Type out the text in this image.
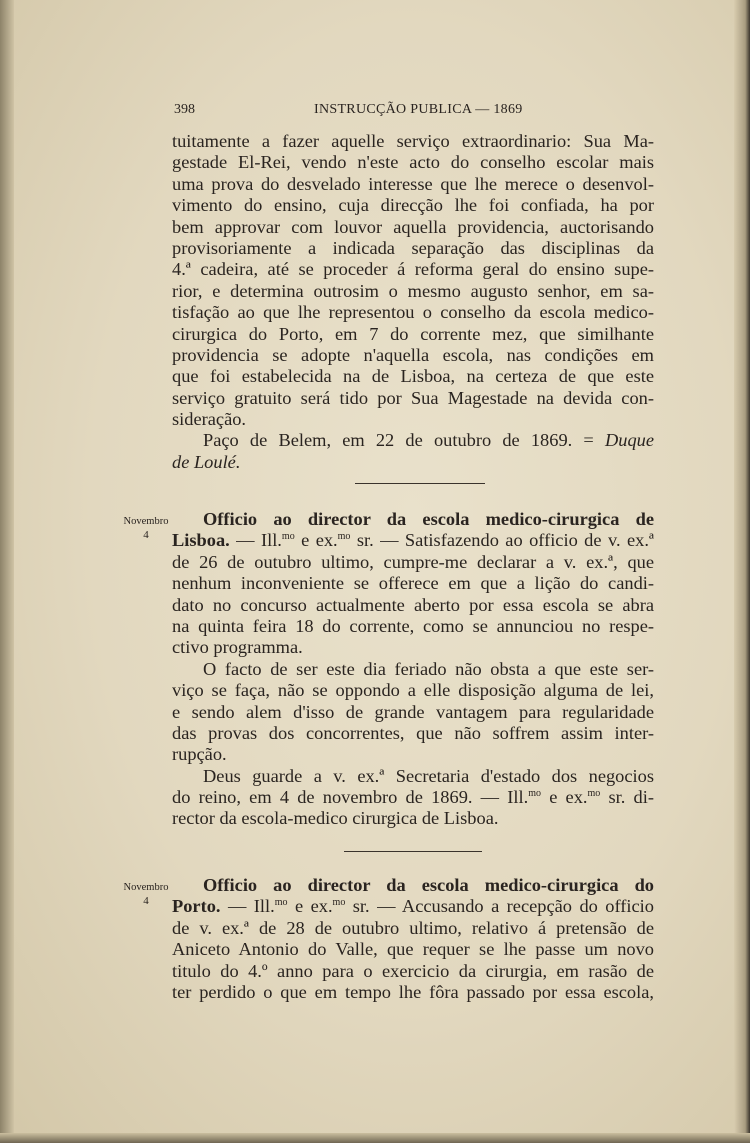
398	INSTRUCÇÃO PUBLICA — 1869
tuitamente a fazer aquelle serviço extraordinario: Sua Ma-
gestade El-Rei, vendo n'este acto do conselho escolar mais
uma prova do desvelado interesse que lhe merece o desenvol-
vimento do ensino, cuja direcção lhe foi confiada, ha por
bem approvar com louvor aquella providencia, auctorisando
provisoriamente a indicada separação das disciplinas da
4.ª cadeira, até se proceder á reforma geral do ensino supe-
rior, e determina outrosim o mesmo augusto senhor, em sa-
tisfação ao que lhe representou o conselho da escola medico-
cirurgica do Porto, em 7 do corrente mez, que similhante
providencia se adopte n'aquella escola, nas condições em
que foi estabelecida na de Lisboa, na certeza de que este
serviço gratuito será tido por Sua Magestade na devida con-
sideração.
Paço de Belem, em 22 de outubro de 1869. = Duque
de Loulé.
Novembro
4
Officio ao director da escola medico-cirurgica de
Lisboa. — Ill.$^{mo}$ e ex.$^{mo}$ sr. — Satisfazendo ao officio de v. ex.ª
de 26 de outubro ultimo, cumpre-me declarar a v. ex.ª, que
nenhum inconveniente se offerece em que a lição do candi-
dato no concurso actualmente aberto por essa escola se abra
na quinta feira 18 do corrente, como se annunciou no respe-
ctivo programma.
O facto de ser este dia feriado não obsta a que este ser-
viço se faça, não se oppondo a elle disposição alguma de lei,
e sendo alem d'isso de grande vantagem para regularidade
das provas dos concorrentes, que não soffrem assim inter-
rupção.
Deus guarde a v. ex.ª Secretaria d'estado dos negocios
do reino, em 4 de novembro de 1869. — Ill.$^{mo}$ e ex.$^{mo}$ sr. di-
rector da escola-medico cirurgica de Lisboa.
Novembro
4
Officio ao director da escola medico-cirurgica do
Porto. — Ill.$^{mo}$ e ex.$^{mo}$ sr. — Accusando a recepção do officio
de v. ex.ª de 28 de outubro ultimo, relativo á pretensão de
Aniceto Antonio do Valle, que requer se lhe passe um novo
titulo do 4.º anno para o exercicio da cirurgia, em rasão de
ter perdido o que em tempo lhe fôra passado por essa escola,
